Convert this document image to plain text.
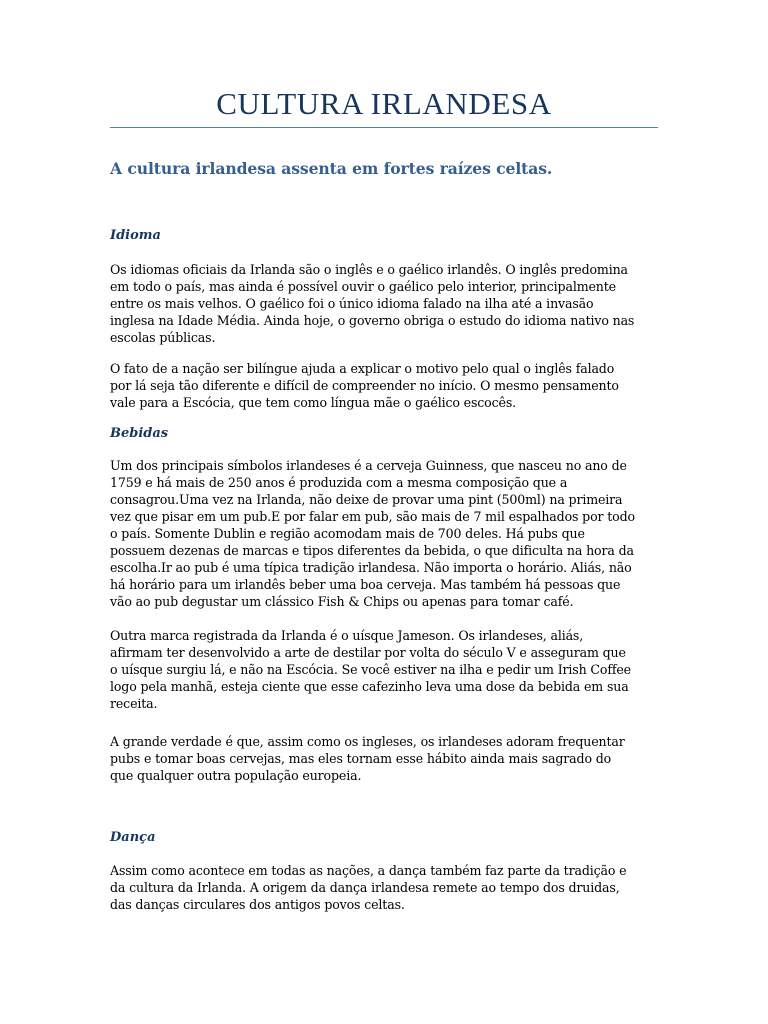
CULTURA IRLANDESA
A cultura irlandesa assenta em fortes raízes celtas.
Idioma

Os idiomas oficiais da Irlanda são o inglês e o gaélico irlandês. O inglês predomina
em todo o país, mas ainda é possível ouvir o gaélico pelo interior, principalmente
entre os mais velhos. O gaélico foi o único idioma falado na ilha até a invasão
inglesa na Idade Média. Ainda hoje, o governo obriga o estudo do idioma nativo nas
escolas públicas.

O fato de a nação ser bilíngue ajuda a explicar o motivo pelo qual o inglês falado
por lá seja tão diferente e difícil de compreender no início. O mesmo pensamento
vale para a Escócia, que tem como língua mãe o gaélico escocês.

Bebidas

Um dos principais símbolos irlandeses é a cerveja Guinness, que nasceu no ano de
1759 e há mais de 250 anos é produzida com a mesma composição que a
consagrou.Uma vez na Irlanda, não deixe de provar uma pint (500ml) na primeira
vez que pisar em um pub.E por falar em pub, são mais de 7 mil espalhados por todo
o país. Somente Dublin e região acomodam mais de 700 deles. Há pubs que
possuem dezenas de marcas e tipos diferentes da bebida, o que dificulta na hora da
escolha.Ir ao pub é uma típica tradição irlandesa. Não importa o horário. Aliás, não
há horário para um irlandês beber uma boa cerveja. Mas também há pessoas que
vão ao pub degustar um clássico Fish & Chips ou apenas para tomar café.

Outra marca registrada da Irlanda é o uísque Jameson. Os irlandeses, aliás,
afirmam ter desenvolvido a arte de destilar por volta do século V e asseguram que
o uísque surgiu lá, e não na Escócia. Se você estiver na ilha e pedir um Irish Coffee
logo pela manhã, esteja ciente que esse cafezinho leva uma dose da bebida em sua
receita.

A grande verdade é que, assim como os ingleses, os irlandeses adoram frequentar
pubs e tomar boas cervejas, mas eles tornam esse hábito ainda mais sagrado do
que qualquer outra população europeia.

Dança

Assim como acontece em todas as nações, a dança também faz parte da tradição e
da cultura da Irlanda. A origem da dança irlandesa remete ao tempo dos druidas,
das danças circulares dos antigos povos celtas.
